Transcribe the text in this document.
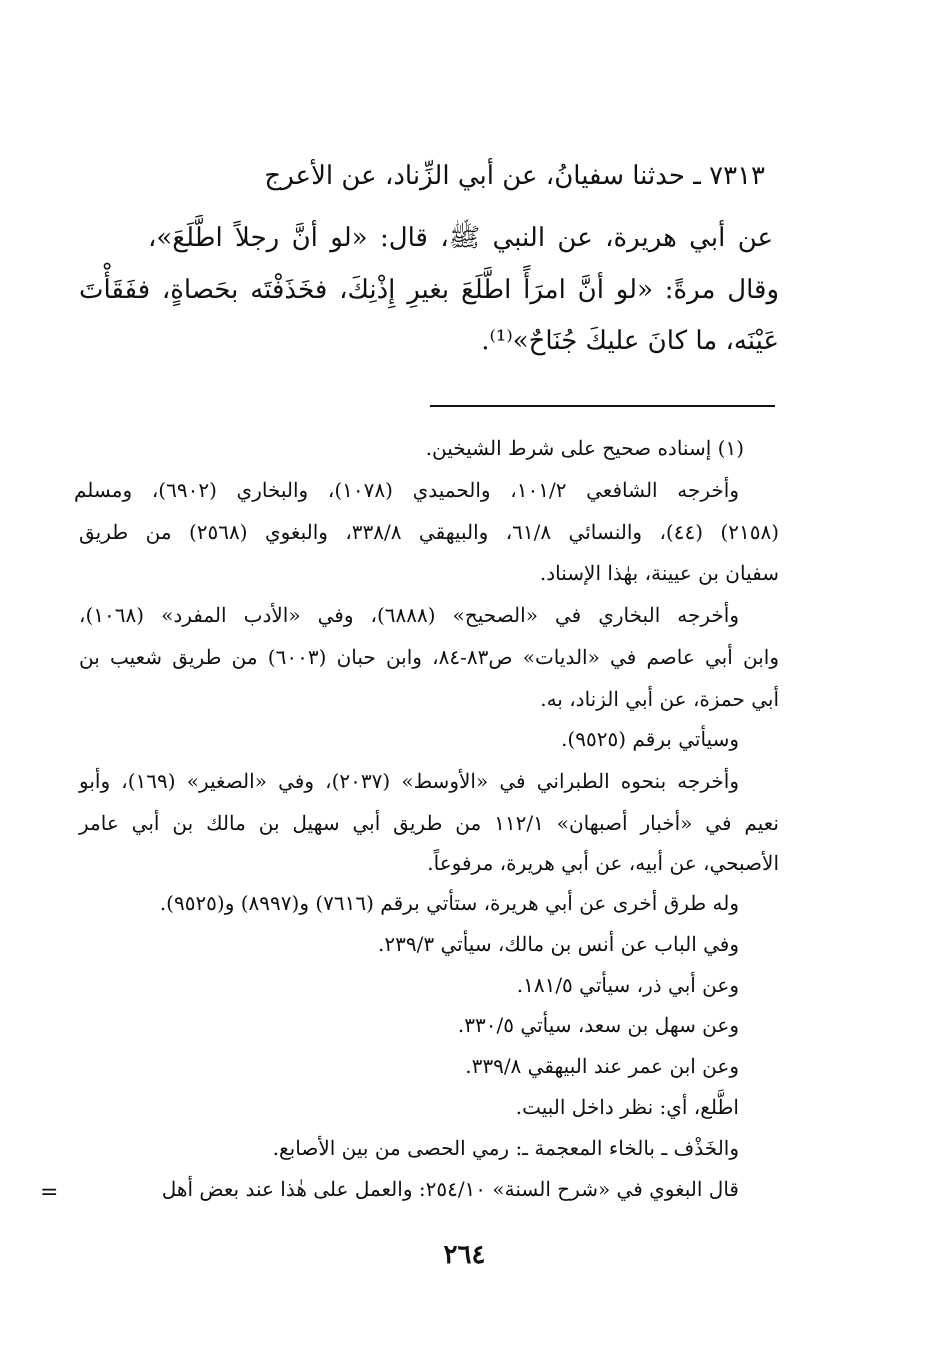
٧٣١٣ ـ حدثنا سفيانُ، عن أبي الزِّناد، عن الأعرج

عن أبي هريرة، عن النبي ﷺ، قال: «لو أنَّ رجلاً اطَّلَعَ»،

وقال مرةً: «لو أنَّ امرَأً اطَّلَعَ بغيرِ إِذْنِكَ، فخَذَفْتَه بحَصاةٍ، ففَقَأْتَ

عَيْنَه، ما كانَ عليكَ جُنَاحٌ»⁽¹⁾.

(١) إسناده صحيح على شرط الشيخين.

وأخرجه الشافعي ١٠١/٢، والحميدي (١٠٧٨)، والبخاري (٦٩٠٢)، ومسلم

(٢١٥٨) (٤٤)، والنسائي ٦١/٨، والبيهقي ٣٣٨/٨، والبغوي (٢٥٦٨) من طريق

سفيان بن عيينة، بهٰذا الإسناد.

وأخرجه البخاري في «الصحيح» (٦٨٨٨)، وفي «الأدب المفرد» (١٠٦٨)،

وابن أبي عاصم في «الديات» ص٨٣-٨٤، وابن حبان (٦٠٠٣) من طريق شعيب بن

أبي حمزة، عن أبي الزناد، به.

وسيأتي برقم (٩٥٢٥).

وأخرجه بنحوه الطبراني في «الأوسط» (٢٠٣٧)، وفي «الصغير» (١٦٩)، وأبو

نعيم في «أخبار أصبهان» ١١٢/١ من طريق أبي سهيل بن مالك بن أبي عامر

الأصبحي، عن أبيه، عن أبي هريرة، مرفوعاً.

وله طرق أخرى عن أبي هريرة، ستأتي برقم (٧٦١٦) و(٨٩٩٧) و(٩٥٢٥).

وفي الباب عن أنس بن مالك، سيأتي ٢٣٩/٣.

وعن أبي ذر، سيأتي ١٨١/٥.

وعن سهل بن سعد، سيأتي ٣٣٠/٥.

وعن ابن عمر عند البيهقي ٣٣٩/٨.

اطَّلع، أي: نظر داخل البيت.

والخَذْف ـ بالخاء المعجمة ـ: رمي الحصى من بين الأصابع.

قال البغوي في «شرح السنة» ٢٥٤/١٠: والعمل على هٰذا عند بعض أهل

=
٢٦٤
